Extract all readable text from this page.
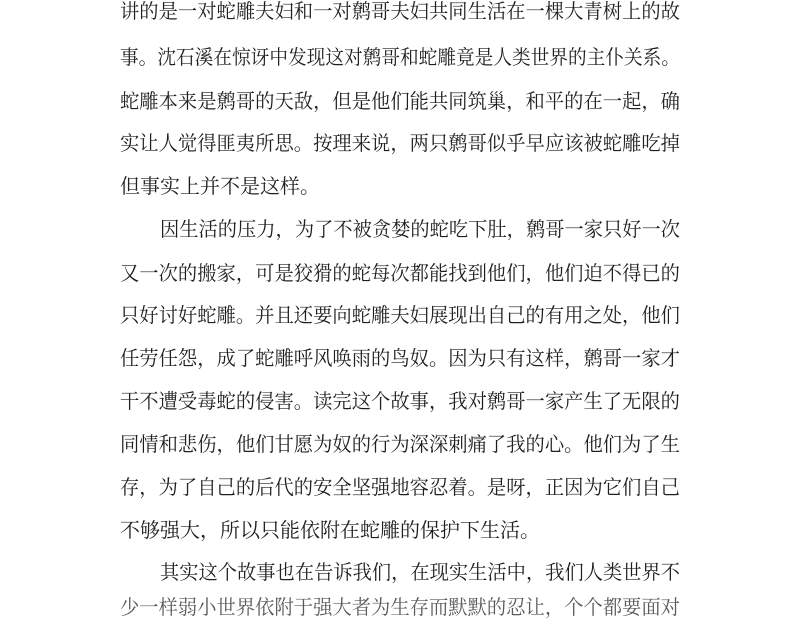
讲的是一对蛇雕夫妇和一对鹩哥夫妇共同生活在一棵大青树上的故
事。沈石溪在惊讶中发现这对鹩哥和蛇雕竟是人类世界的主仆关系。
蛇雕本来是鹩哥的天敌，但是他们能共同筑巢，和平的在一起，确
实让人觉得匪夷所思。按理来说，两只鹩哥似乎早应该被蛇雕吃掉
但事实上并不是这样。
因生活的压力，为了不被贪婪的蛇吃下肚，鹩哥一家只好一次
又一次的搬家，可是狡猾的蛇每次都能找到他们，他们迫不得已的
只好讨好蛇雕。并且还要向蛇雕夫妇展现出自己的有用之处，他们
任劳任怨，成了蛇雕呼风唤雨的鸟奴。因为只有这样，鹩哥一家才
干不遭受毒蛇的侵害。读完这个故事，我对鹩哥一家产生了无限的
同情和悲伤，他们甘愿为奴的行为深深刺痛了我的心。他们为了生
存，为了自己的后代的安全坚强地容忍着。是呀，正因为它们自己
不够强大，所以只能依附在蛇雕的保护下生活。
其实这个故事也在告诉我们，在现实生活中，我们人类世界不
少一样弱小世界依附于强大者为生存而默默的忍让，个个都要面对
